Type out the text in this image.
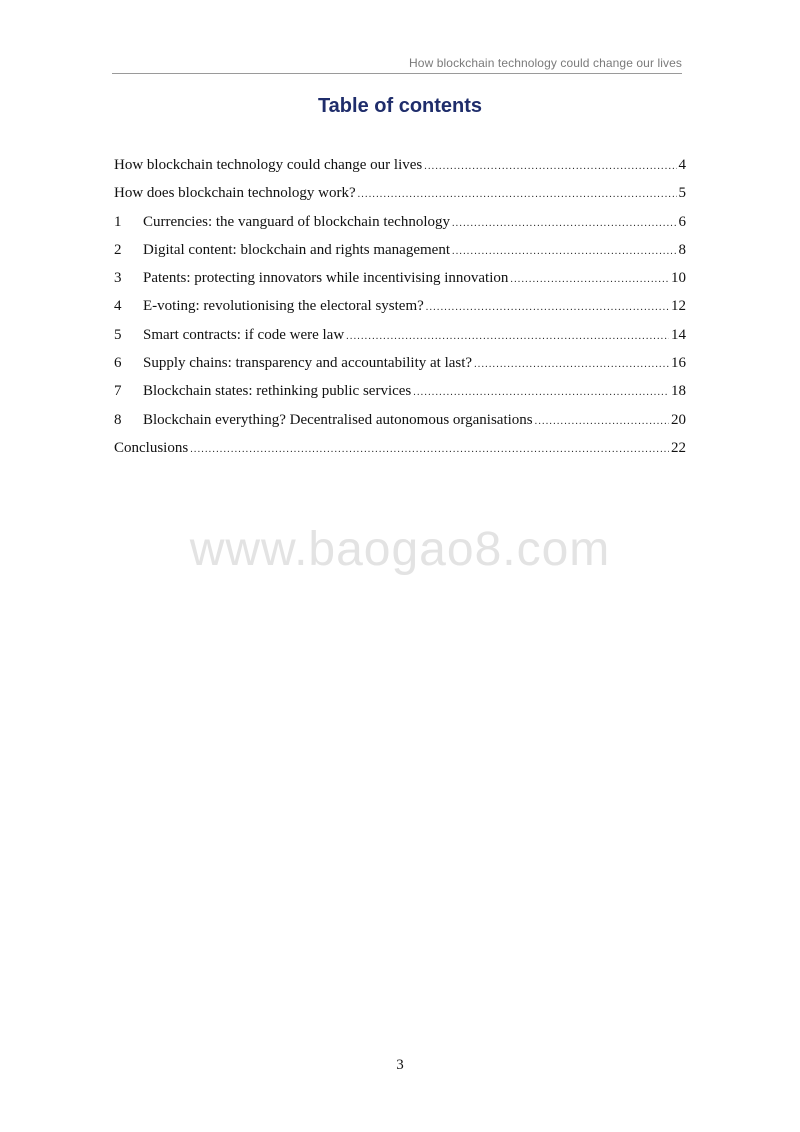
How blockchain technology could change our lives
Table of contents
How blockchain technology could change our lives .....	4
How does blockchain technology work? .....	5
1	Currencies: the vanguard of blockchain technology .....	6
2	Digital content: blockchain and rights management .....	8
3	Patents: protecting innovators while incentivising innovation .....	10
4	E-voting: revolutionising the electoral system? .....	12
5	Smart contracts: if code were law .....	14
6	Supply chains: transparency and accountability at last? .....	16
7	Blockchain states: rethinking public services .....	18
8	Blockchain everything? Decentralised autonomous organisations .....	20
Conclusions .....	22
www.baogao8.com
3
